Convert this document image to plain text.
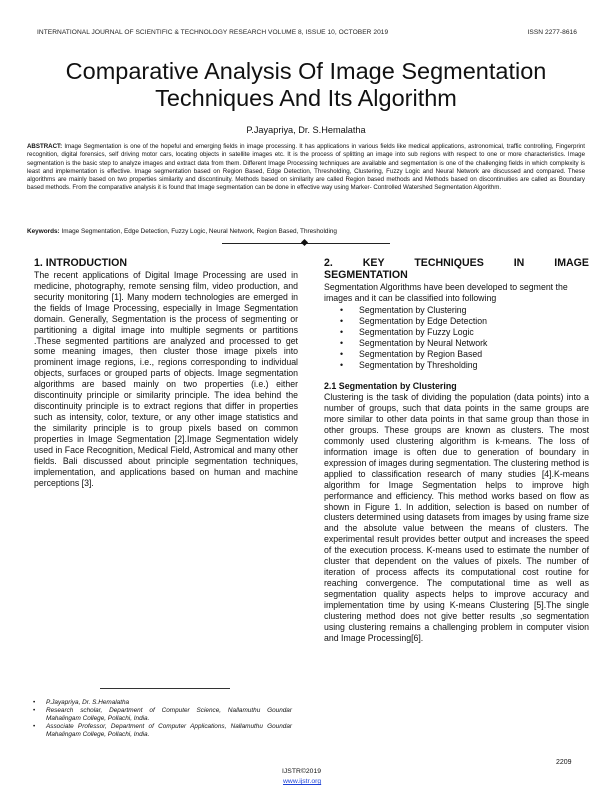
INTERNATIONAL JOURNAL OF SCIENTIFIC & TECHNOLOGY RESEARCH VOLUME 8, ISSUE 10, OCTOBER 2019	ISSN 2277-8616
Comparative Analysis Of Image Segmentation
Techniques And Its Algorithm
P.Jayapriya, Dr. S.Hemalatha

ABSTRACT: Image Segmentation is one of the hopeful and emerging fields in image processing. It has applications in various fields like medical applications, astronomical, traffic controlling, Fingerprint recognition, digital forensics, self driving motor cars, locating objects in satellite images etc. It is the process of splitting an image into sub regions with respect to one or more characteristics. Image segmentation is the basic step to analyze images and extract data from them. Different Image Processing techniques are available and segmentation is one of the challenging fields in which complexity is least and implementation is effective. Image segmentation based on Region Based, Edge Detection, Thresholding, Clustering, Fuzzy Logic and Neural Network are discussed and compared. These algorithms are mainly based on two properties similarity and discontinuity. Methods based on similarity are called Region based methods and Methods based on discontinuities are called as Boundary based methods. From the comparative analysis it is found that Image segmentation can be done in effective way using Marker- Controlled Watershed Segmentation Algorithm.

Keywords: Image Segmentation, Edge Detection, Fuzzy Logic, Neural Network, Region Based, Thresholding

1. INTRODUCTION

The recent applications of Digital Image Processing are used in medicine, photography, remote sensing film, video production, and security monitoring [1]. Many modern technologies are emerged in the fields of Image Processing, especially in Image Segmentation domain. Generally, Segmentation is the process of segmenting or partitioning a digital image into multiple segments or partitions .These segmented partitions are analyzed and processed to get some meaning images, then cluster those image pixels into prominent image regions, i.e., regions corresponding to individual objects, surfaces or grouped parts of objects. Image segmentation algorithms are based mainly on two properties (i.e.) either discontinuity principle or similarity principle. The idea behind the discontinuity principle is to extract regions that differ in properties such as intensity, color, texture, or any other image statistics and the similarity principle is to group pixels based on common properties in Image Segmentation [2].Image Segmentation widely used in Face Recognition, Medical Field, Astromical and many other fields. Bali discussed about principle segmentation techniques, implementation, and applications based on human and machine perceptions [3].

2. KEY TECHNIQUES IN IMAGE
SEGMENTATION

Segmentation Algorithms have been developed to segment the images and it can be classified into following

• Segmentation by Clustering
• Segmentation by Edge Detection
• Segmentation by Fuzzy Logic
• Segmentation by Neural Network
• Segmentation by Region Based
• Segmentation by Thresholding
2.1 Segmentation by Clustering

Clustering is the task of dividing the population (data points) into a number of groups, such that data points in the same groups are more similar to other data points in that same group than those in other groups. These groups are known as clusters. The most commonly used clustering algorithm is k-means. The loss of information image is often due to generation of boundary in expression of images during segmentation. The clustering method is applied to classification research of many studies [4].K-means algorithm for Image Segmentation helps to improve high performance and efficiency. This method works based on flow as shown in Figure 1. In addition, selection is based on number of clusters determined using datasets from images by using frame size and the absolute value between the means of clusters. The experimental result provides better output and increases the speed of the execution process. K-means used to estimate the number of cluster that dependent on the values of pixels. The number of iteration of process affects its computational cost routine for reaching convergence. The computational time as well as segmentation quality aspects helps to improve accuracy and implementation time by using K-means Clustering [5].The single clustering method does not give better results ,so segmentation using clustering remains a challenging problem in computer vision and Image Processing[6].

• P.Jayapriya, Dr. S.Hemalatha
• Research scholar, Department of Computer Science, Nallamuthu Goundar Mahalingam College, Pollachi, India.
• Associate Professor, Department of Computer Applications, Nallamuthu Goundar Mahalingam College, Pollachi, India.
2209
IJSTR©2019
www.ijstr.org
